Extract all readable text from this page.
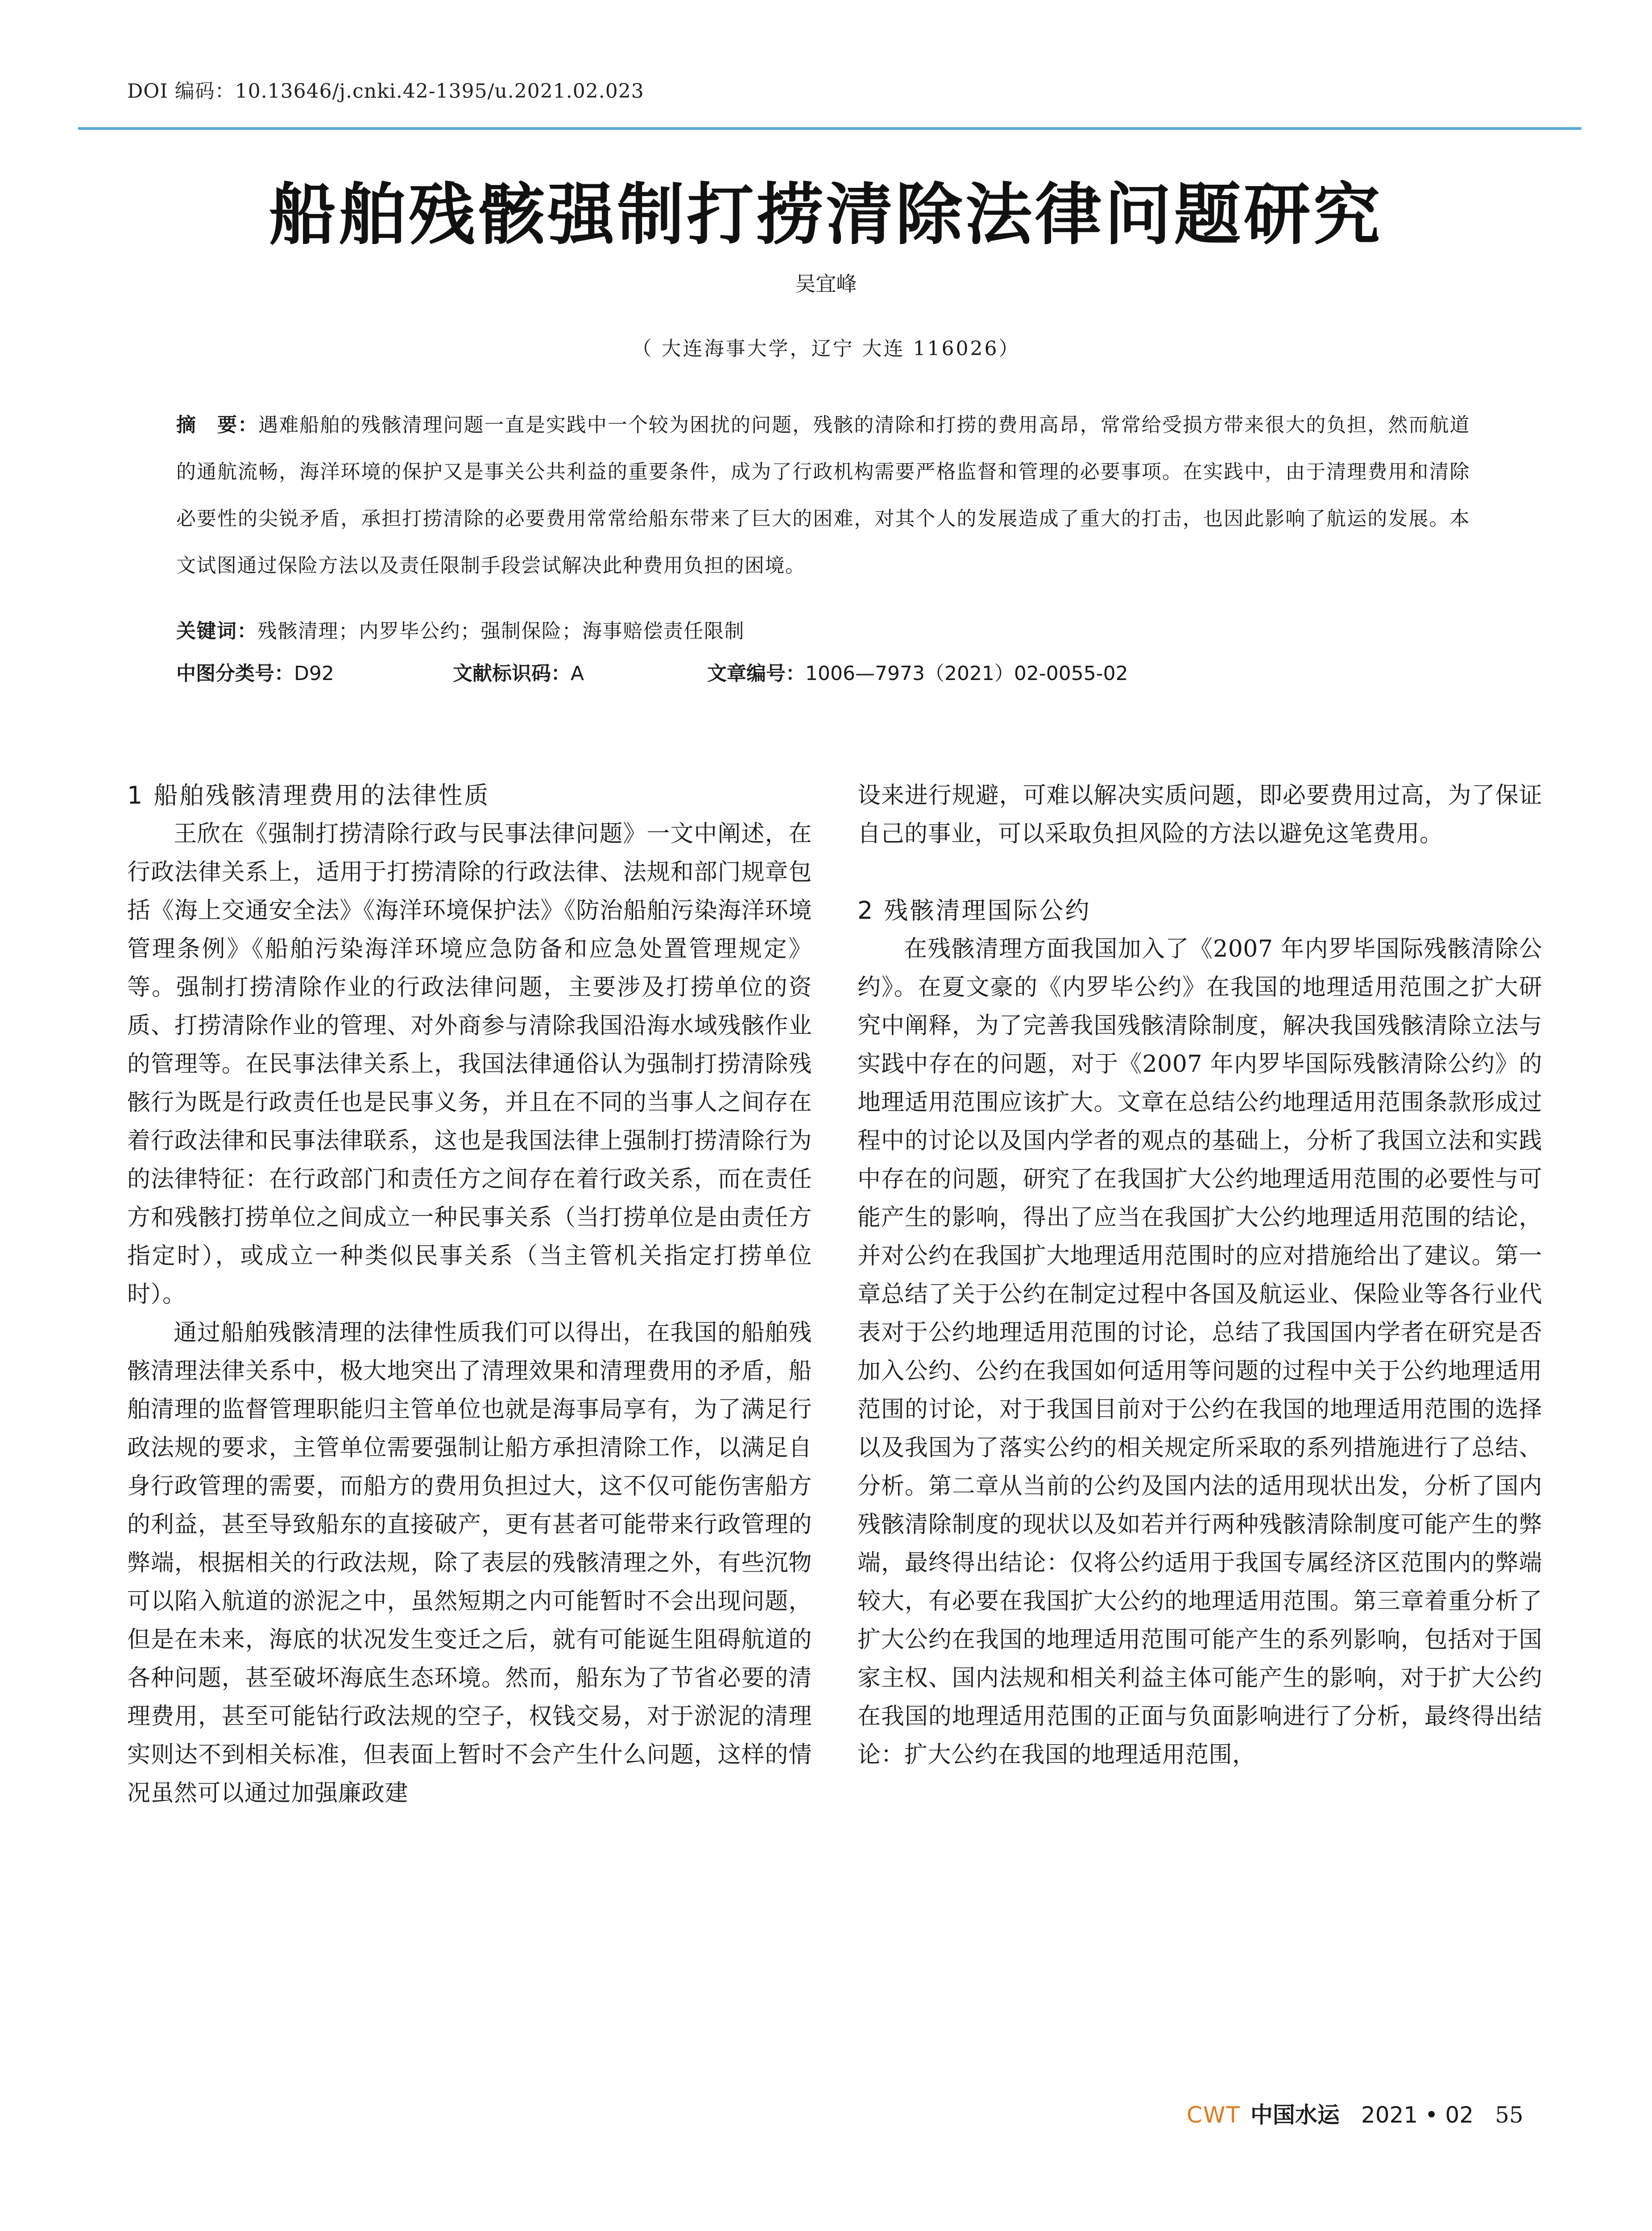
DOI 编码：10.13646/j.cnki.42-1395/u.2021.02.023
船舶残骸强制打捞清除法律问题研究
吴宜峰
（ 大连海事大学，辽宁 大连 116026）
摘　要：遇难船舶的残骸清理问题一直是实践中一个较为困扰的问题，残骸的清除和打捞的费用高昂，常常给受损方带来很大的负担，然而航道的通航流畅，海洋环境的保护又是事关公共利益的重要条件，成为了行政机构需要严格监督和管理的必要事项。在实践中，由于清理费用和清除必要性的尖锐矛盾，承担打捞清除的必要费用常常给船东带来了巨大的困难，对其个人的发展造成了重大的打击，也因此影响了航运的发展。本文试图通过保险方法以及责任限制手段尝试解决此种费用负担的困境。
关键词：残骸清理；内罗毕公约；强制保险；海事赔偿责任限制
中图分类号：D92	文献标识码：A	文章编号：1006—7973（2021）02-0055-02
1 船舶残骸清理费用的法律性质

王欣在《强制打捞清除行政与民事法律问题》一文中阐述，在行政法律关系上，适用于打捞清除的行政法律、法规和部门规章包括《海上交通安全法》《海洋环境保护法》《防治船舶污染海洋环境管理条例》《船舶污染海洋环境应急防备和应急处置管理规定》等。强制打捞清除作业的行政法律问题，主要涉及打捞单位的资质、打捞清除作业的管理、对外商参与清除我国沿海水域残骸作业的管理等。在民事法律关系上，我国法律通俗认为强制打捞清除残骸行为既是行政责任也是民事义务，并且在不同的当事人之间存在着行政法律和民事法律联系，这也是我国法律上强制打捞清除行为的法律特征：在行政部门和责任方之间存在着行政关系，而在责任方和残骸打捞单位之间成立一种民事关系（当打捞单位是由责任方指定时），或成立一种类似民事关系（当主管机关指定打捞单位时）。

通过船舶残骸清理的法律性质我们可以得出，在我国的船舶残骸清理法律关系中，极大地突出了清理效果和清理费用的矛盾，船舶清理的监督管理职能归主管单位也就是海事局享有，为了满足行政法规的要求，主管单位需要强制让船方承担清除工作，以满足自身行政管理的需要，而船方的费用负担过大，这不仅可能伤害船方的利益，甚至导致船东的直接破产，更有甚者可能带来行政管理的弊端，根据相关的行政法规，除了表层的残骸清理之外，有些沉物可以陷入航道的淤泥之中，虽然短期之内可能暂时不会出现问题，但是在未来，海底的状况发生变迁之后，就有可能诞生阻碍航道的各种问题，甚至破坏海底生态环境。然而，船东为了节省必要的清理费用，甚至可能钻行政法规的空子，权钱交易，对于淤泥的清理实则达不到相关标准，但表面上暂时不会产生什么问题，这样的情况虽然可以通过加强廉政建

设来进行规避，可难以解决实质问题，即必要费用过高，为了保证自己的事业，可以采取负担风险的方法以避免这笔费用。

2 残骸清理国际公约

在残骸清理方面我国加入了《2007 年内罗毕国际残骸清除公约》。在夏文豪的《内罗毕公约》在我国的地理适用范围之扩大研究中阐释，为了完善我国残骸清除制度，解决我国残骸清除立法与实践中存在的问题，对于《2007 年内罗毕国际残骸清除公约》的地理适用范围应该扩大。文章在总结公约地理适用范围条款形成过程中的讨论以及国内学者的观点的基础上，分析了我国立法和实践中存在的问题，研究了在我国扩大公约地理适用范围的必要性与可能产生的影响，得出了应当在我国扩大公约地理适用范围的结论，并对公约在我国扩大地理适用范围时的应对措施给出了建议。第一章总结了关于公约在制定过程中各国及航运业、保险业等各行业代表对于公约地理适用范围的讨论，总结了我国国内学者在研究是否加入公约、公约在我国如何适用等问题的过程中关于公约地理适用范围的讨论，对于我国目前对于公约在我国的地理适用范围的选择以及我国为了落实公约的相关规定所采取的系列措施进行了总结、分析。第二章从当前的公约及国内法的适用现状出发，分析了国内残骸清除制度的现状以及如若并行两种残骸清除制度可能产生的弊端，最终得出结论：仅将公约适用于我国专属经济区范围内的弊端较大，有必要在我国扩大公约的地理适用范围。第三章着重分析了扩大公约在我国的地理适用范围可能产生的系列影响，包括对于国家主权、国内法规和相关利益主体可能产生的影响，对于扩大公约在我国的地理适用范围的正面与负面影响进行了分析，最终得出结论：扩大公约在我国的地理适用范围，

CWT 中国水运 2021 • 02 55
